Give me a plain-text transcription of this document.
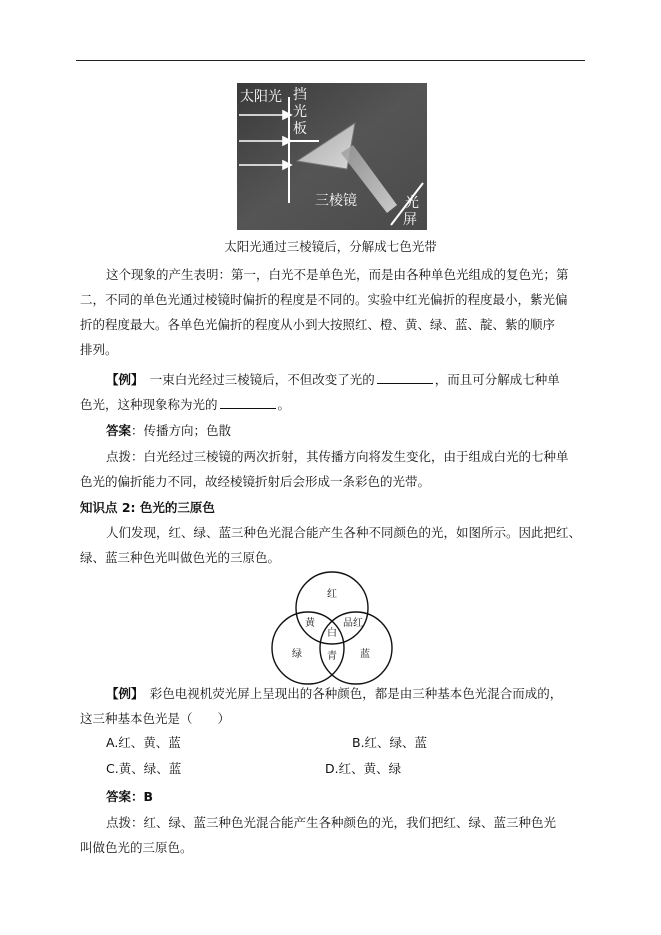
太阳光 挡
光
板
三棱镜	光
屏
太阳光通过三棱镜后，分解成七色光带

这个现象的产生表明：第一，白光不是单色光，而是由各种单色光组成的复色光；第

二，不同的单色光通过棱镜时偏折的程度是不同的。实验中红光偏折的程度最小，紫光偏

折的程度最大。各单色光偏折的程度从小到大按照红、橙、黄、绿、蓝、靛、紫的顺序

排列。

【例】　 一束白光经过三棱镜后，不但改变了光的	，而且可分解成七种单

色光，这种现象称为光的	。

答案：传播方向；色散

点拨：白光经过三棱镜的两次折射，其传播方向将发生变化，由于组成白光的七种单

色光的偏折能力不同，故经棱镜折射后会形成一条彩色的光带。

知识点 2: 色光的三原色

人们发现，红、绿、蓝三种色光混合能产生各种不同颜色的光，如图所示。因此把红、

绿、蓝三种色光叫做色光的三原色。

红
黄	品红
白
绿	青 蓝

【例】　 彩色电视机荧光屏上呈现出的各种颜色，都是由三种基本色光混合而成的，

这三种基本色光是（　　）

A.红、黄、蓝	B.红、绿、蓝
C.黄、绿、蓝	D.红、黄、绿

答案：B

点拨：红、绿、蓝三种色光混合能产生各种颜色的光，我们把红、绿、蓝三种色光

叫做色光的三原色。
